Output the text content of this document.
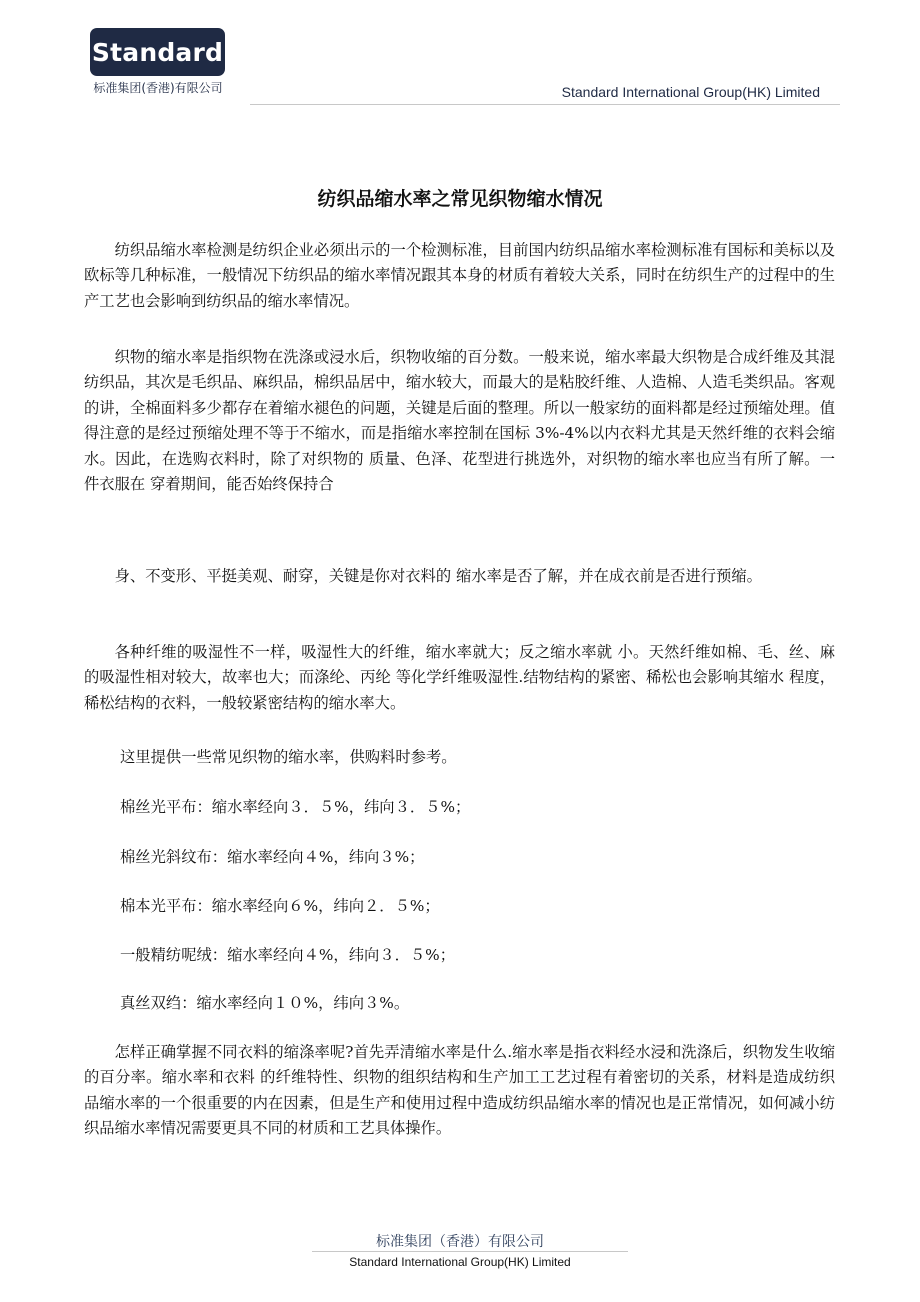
Standard
标准集团(香港)有限公司	Standard International Group(HK) Limited
纺织品缩水率之常见织物缩水情况

纺织品缩水率检测是纺织企业必须出示的一个检测标准，目前国内纺织品缩水率检测标准有国标和美标以及欧标等几种标准，一般情况下纺织品的缩水率情况跟其本身的材质有着较大关系，同时在纺织生产的过程中的生产工艺也会影响到纺织品的缩水率情况。

织物的缩水率是指织物在洗涤或浸水后，织物收缩的百分数。一般来说，缩水率最大织物是合成纤维及其混纺织品，其次是毛织品、麻织品，棉织品居中，缩水较大，而最大的是粘胶纤维、人造棉、人造毛类织品。客观的讲，全棉面料多少都存在着缩水褪色的问题，关键是后面的整理。所以一般家纺的面料都是经过预缩处理。值得注意的是经过预缩处理不等于不缩水，而是指缩水率控制在国标 3%-4%以内衣料尤其是天然纤维的衣料会缩水。因此，在选购衣料时，除了对织物的 质量、色泽、花型进行挑选外，对织物的缩水率也应当有所了解。一件衣服在 穿着期间，能否始终保持合

身、不变形、平挺美观、耐穿，关键是你对衣料的 缩水率是否了解，并在成衣前是否进行预缩。

各种纤维的吸湿性不一样，吸湿性大的纤维，缩水率就大；反之缩水率就 小。天然纤维如棉、毛、丝、麻的吸湿性相对较大，故率也大；而涤纶、丙纶 等化学纤维吸湿性.结物结构的紧密、稀松也会影响其缩水 程度，稀松结构的衣料，一般较紧密结构的缩水率大。

这里提供一些常见织物的缩水率，供购料时参考。

棉丝光平布：缩水率经向３．５%，纬向３．５%；

棉丝光斜纹布：缩水率经向４%，纬向３%；

棉本光平布：缩水率经向６%，纬向２．５%；

一般精纺呢绒：缩水率经向４%，纬向３．５%；

真丝双绉：缩水率经向１０%，纬向３%。

怎样正确掌握不同衣料的缩涤率呢?首先弄清缩水率是什么.缩水率是指衣料经水浸和洗涤后，织物发生收缩的百分率。缩水率和衣料 的纤维特性、织物的组织结构和生产加工工艺过程有着密切的关系，材料是造成纺织品缩水率的一个很重要的内在因素，但是生产和使用过程中造成纺织品缩水率的情况也是正常情况，如何减小纺织品缩水率情况需要更具不同的材质和工艺具体操作。

标准集团（香港）有限公司
Standard International Group(HK) Limited
